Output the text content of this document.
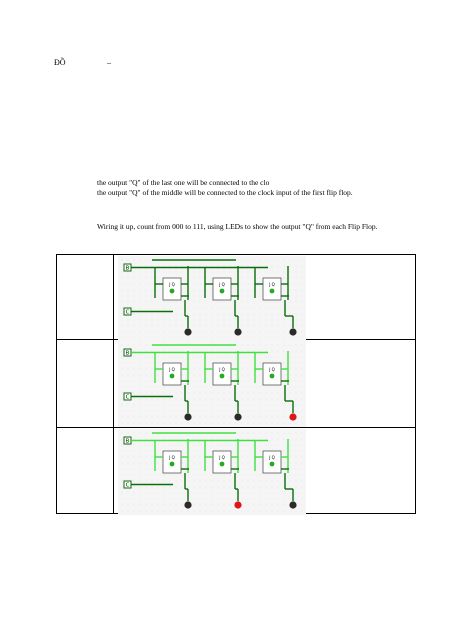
ĐỒ	–
the output "Q" of the last one will be connected to the clo
the output "Q" of the middle will be connected to the clock input of the first flip flop.
Wiring it up, count from 000 to 111, using LEDs to show the output "Q" from each Flip Flop.
B
C
J Q	J Q	J Q
B
C
J Q	J Q	J Q
B
C
J Q	J Q	J Q
